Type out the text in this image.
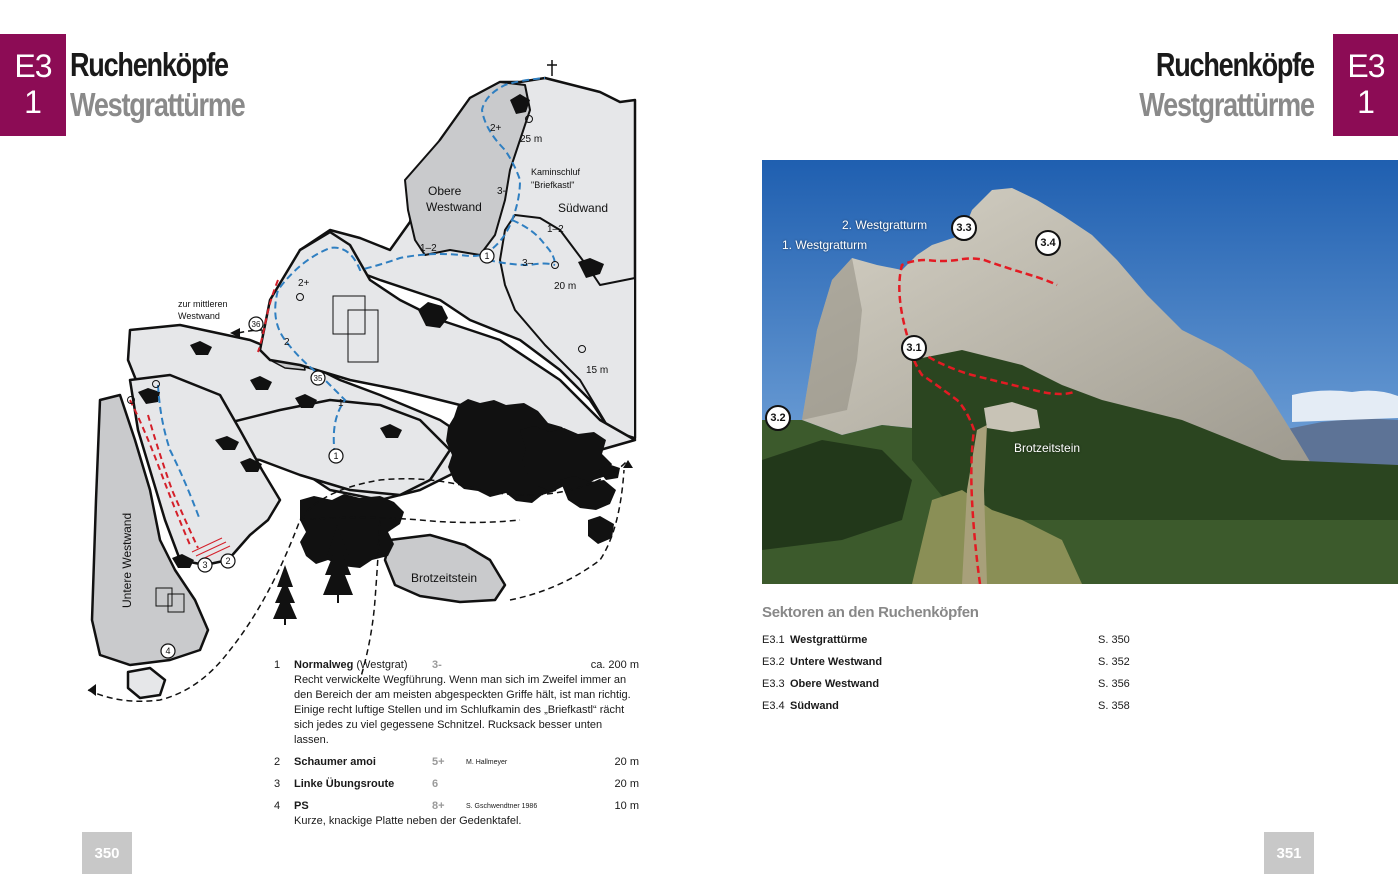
E3
1
Ruchenköpfe
Westgrattürme
1
1
2
3
4
35
36
Obere
Westwand	Südwand
Kaminschluf
"Briefkastl"
zur mittleren
Westwand
Untere Westwand	Brotzeitstein
2+
3-
1–2
1–2
3–
2+
2
1
25 m
20 m
15 m
1 Normalweg (Westgrat) 3-	ca. 200 m
Recht verwickelte Wegführung. Wenn man sich im Zweifel immer an den Bereich der am meisten abgespeckten Griffe hält, ist man richtig. Einige recht luftige Stellen und im Schlufkamin des „Briefkastl“ rächt sich jedes zu viel gegessene Schnitzel. Rucksack besser unten lassen.
2 Schaumer amoi	5+	M. Hallmeyer	20 m
3 Linke Übungsroute	6	20 m
4 PS	8+	S. Gschwendtner 1986	10 m
Kurze, knackige Platte neben der Gedenktafel.
350
E3
1
Ruchenköpfe
Westgrattürme
351
2. Westgratturm
1. Westgratturm
Brotzeitstein
3.3
3.4
3.1
3.2
Sektoren an den Ruchenköpfen
E3.1 Westgrattürme	S. 350
E3.2 Untere Westwand	S. 352
E3.3 Obere Westwand	S. 356
E3.4 Südwand	S. 358
